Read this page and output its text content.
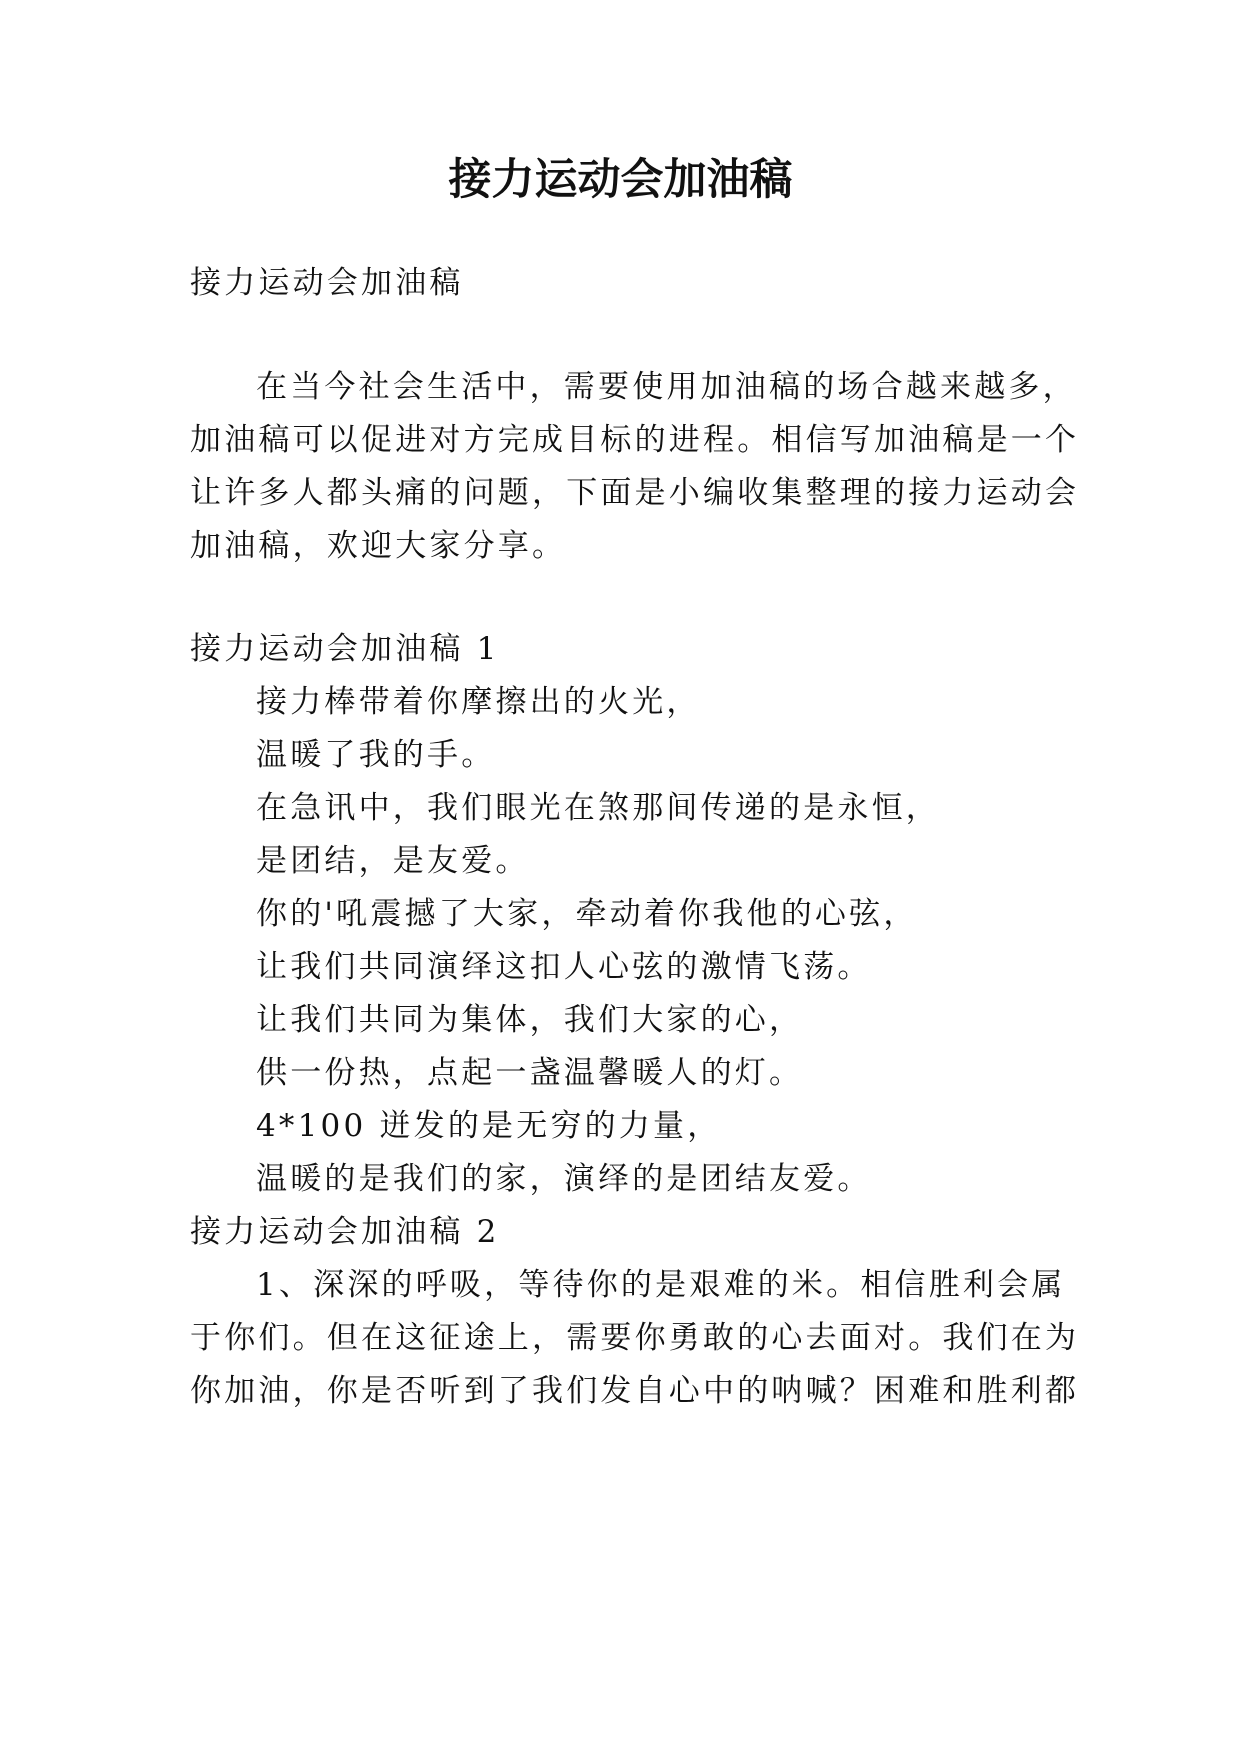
接力运动会加油稿

接力运动会加油稿

在当今社会生活中，需要使用加油稿的场合越来越多，

加油稿可以促进对方完成目标的进程。相信写加油稿是一个

让许多人都头痛的问题，下面是小编收集整理的接力运动会

加油稿，欢迎大家分享。

接力运动会加油稿 1

接力棒带着你摩擦出的火光，

温暖了我的手。

在急讯中，我们眼光在煞那间传递的是永恒，

是团结，是友爱。

你的'吼震撼了大家，牵动着你我他的心弦，

让我们共同演绎这扣人心弦的激情飞荡。

让我们共同为集体，我们大家的心，

供一份热，点起一盏温馨暖人的灯。

4*100 迸发的是无穷的力量，

温暖的是我们的家，演绎的是团结友爱。

接力运动会加油稿 2

1、深深的呼吸，等待你的是艰难的米。相信胜利会属

于你们。但在这征途上，需要你勇敢的心去面对。我们在为

你加油，你是否听到了我们发自心中的呐喊？困难和胜利都
